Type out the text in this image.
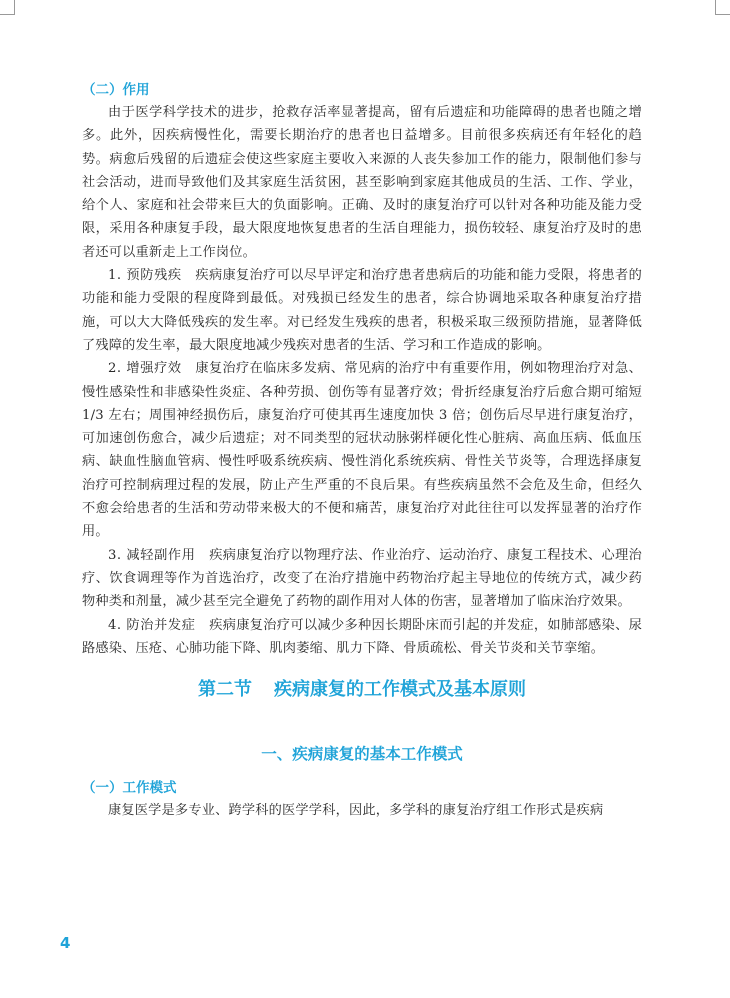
（二）作用

由于医学科学技术的进步，抢救存活率显著提高，留有后遗症和功能障碍的患者也随之增多。此外，因疾病慢性化，需要长期治疗的患者也日益增多。目前很多疾病还有年轻化的趋势。病愈后残留的后遗症会使这些家庭主要收入来源的人丧失参加工作的能力，限制他们参与社会活动，进而导致他们及其家庭生活贫困，甚至影响到家庭其他成员的生活、工作、学业，给个人、家庭和社会带来巨大的负面影响。正确、及时的康复治疗可以针对各种功能及能力受限，采用各种康复手段，最大限度地恢复患者的生活自理能力，损伤较轻、康复治疗及时的患者还可以重新走上工作岗位。

1. 预防残疾 疾病康复治疗可以尽早评定和治疗患者患病后的功能和能力受限，将患者的功能和能力受限的程度降到最低。对残损已经发生的患者，综合协调地采取各种康复治疗措施，可以大大降低残疾的发生率。对已经发生残疾的患者，积极采取三级预防措施，显著降低了残障的发生率，最大限度地减少残疾对患者的生活、学习和工作造成的影响。

2. 增强疗效 康复治疗在临床多发病、常见病的治疗中有重要作用，例如物理治疗对急、慢性感染性和非感染性炎症、各种劳损、创伤等有显著疗效；骨折经康复治疗后愈合期可缩短 1/3 左右；周围神经损伤后，康复治疗可使其再生速度加快 3 倍；创伤后尽早进行康复治疗，可加速创伤愈合，减少后遗症；对不同类型的冠状动脉粥样硬化性心脏病、高血压病、低血压病、缺血性脑血管病、慢性呼吸系统疾病、慢性消化系统疾病、骨性关节炎等，合理选择康复治疗可控制病理过程的发展，防止产生严重的不良后果。有些疾病虽然不会危及生命，但经久不愈会给患者的生活和劳动带来极大的不便和痛苦，康复治疗对此往往可以发挥显著的治疗作用。

3. 减轻副作用 疾病康复治疗以物理疗法、作业治疗、运动治疗、康复工程技术、心理治疗、饮食调理等作为首选治疗，改变了在治疗措施中药物治疗起主导地位的传统方式，减少药物种类和剂量，减少甚至完全避免了药物的副作用对人体的伤害，显著增加了临床治疗效果。

4. 防治并发症 疾病康复治疗可以减少多种因长期卧床而引起的并发症，如肺部感染、尿路感染、压疮、心肺功能下降、肌肉萎缩、肌力下降、骨质疏松、骨关节炎和关节挛缩。

第二节 疾病康复的工作模式及基本原则
一、疾病康复的基本工作模式
（一）工作模式

康复医学是多专业、跨学科的医学学科，因此，多学科的康复治疗组工作形式是疾病

4
